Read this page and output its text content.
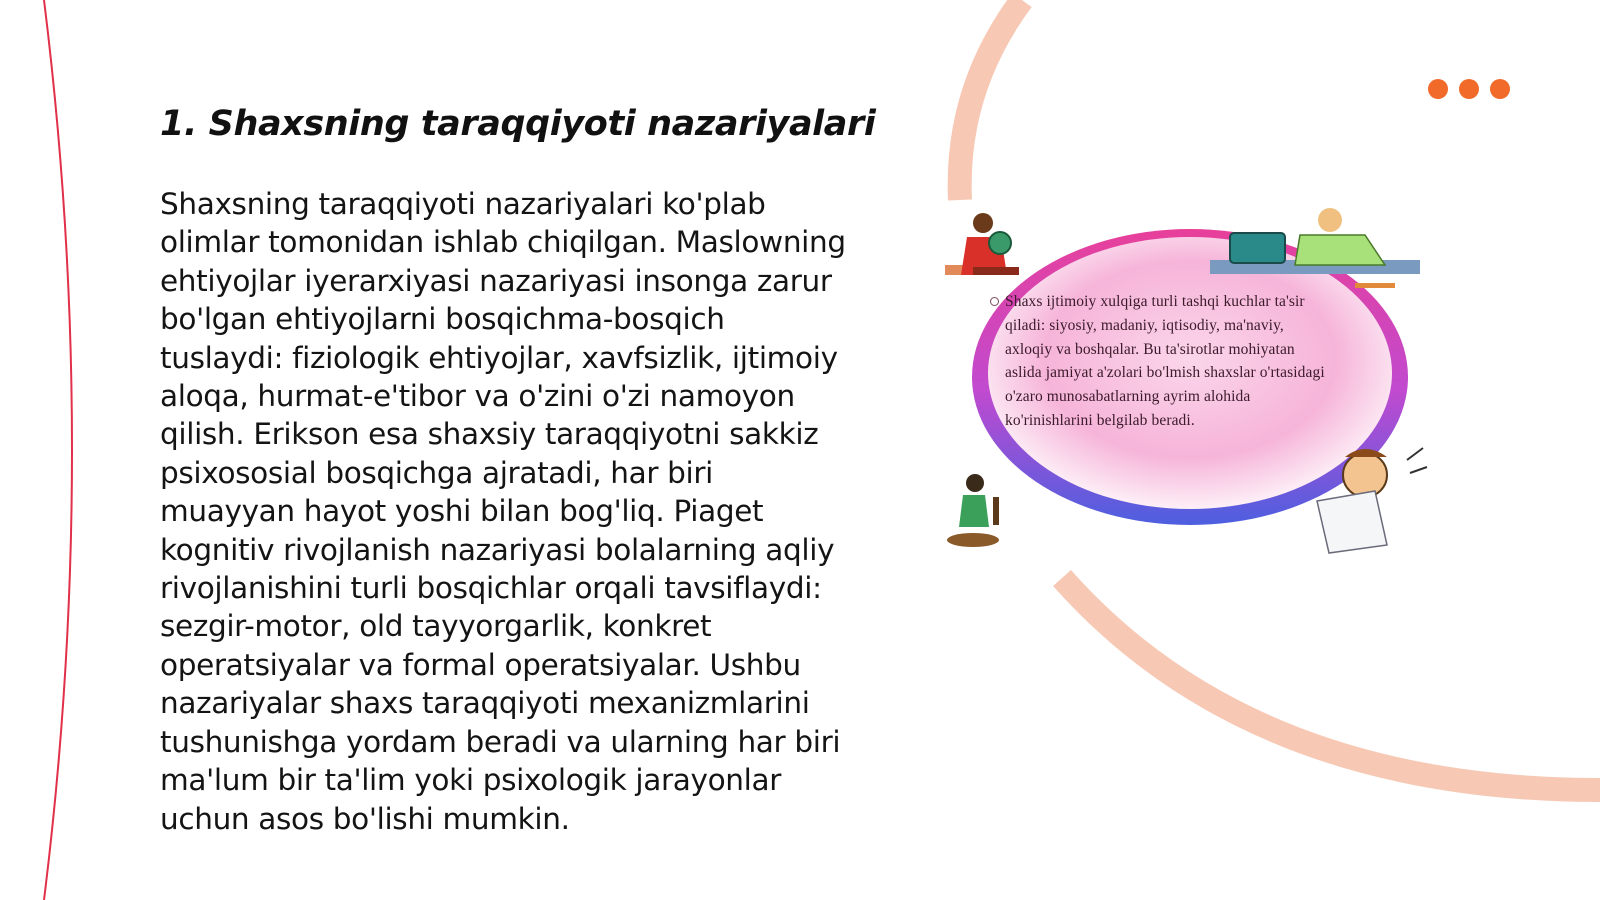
1. Shaxsning taraqqiyoti nazariyalari

Shaxsning taraqqiyoti nazariyalari ko'plab olimlar tomonidan ishlab chiqilgan. Maslowning ehtiyojlar iyerarxiyasi nazariyasi insonga zarur bo'lgan ehtiyojlarni bosqichma-bosqich tuslaydi: fiziologik ehtiyojlar, xavfsizlik, ijtimoiy aloqa, hurmat-e'tibor va o'zini o'zi namoyon qilish. Erikson esa shaxsiy taraqqiyotni sakkiz psixososial bosqichga ajratadi, har biri muayyan hayot yoshi bilan bog'liq. Piaget kognitiv rivojlanish nazariyasi bolalarning aqliy rivojlanishini turli bosqichlar orqali tavsiflaydi: sezgir-motor, old tayyorgarlik, konkret operatsiyalar va formal operatsiyalar. Ushbu nazariyalar shaxs taraqqiyoti mexanizmlarini tushunishga yordam beradi va ularning har biri ma'lum bir ta'lim yoki psixologik jarayonlar uchun asos bo'lishi mumkin.

Shaxs ijtimoiy xulqiga turli tashqi kuchlar ta'sir
qiladi: siyosiy, madaniy, iqtisodiy, ma'naviy,
axloqiy va boshqalar. Bu ta'sirotlar mohiyatan
aslida jamiyat a'zolari bo'lmish shaxslar o'rtasidagi
o'zaro munosabatlarning ayrim alohida
ko'rinishlarini belgilab beradi.
